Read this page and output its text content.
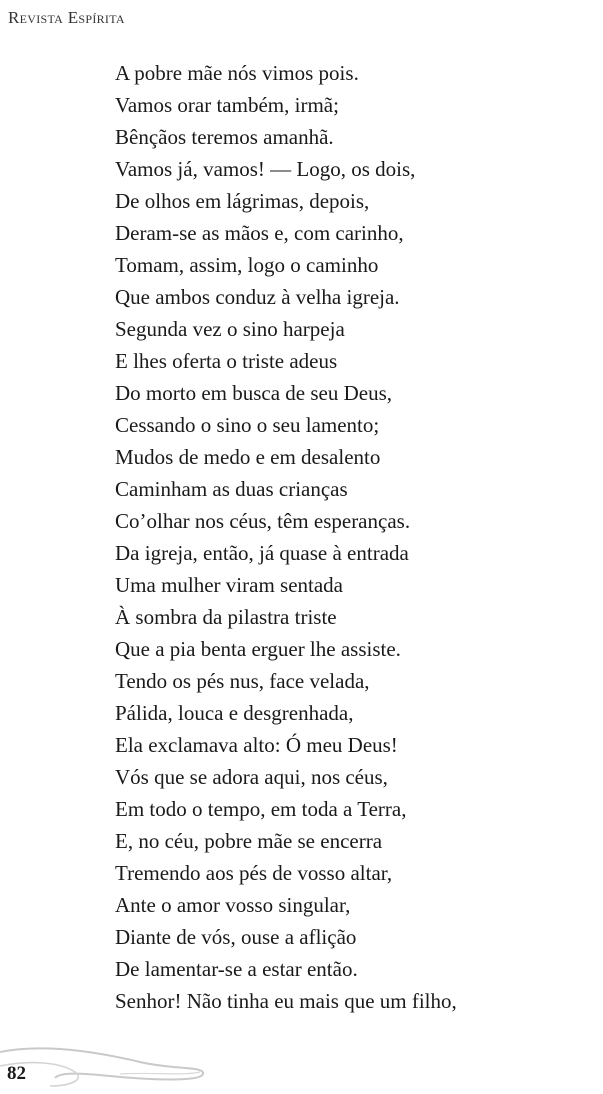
Revista Espírita
A pobre mãe nós vimos pois.
Vamos orar também, irmã;
Bênçãos teremos amanhã.
Vamos já, vamos! — Logo, os dois,
De olhos em lágrimas, depois,
Deram-se as mãos e, com carinho,
Tomam, assim, logo o caminho
Que ambos conduz à velha igreja.
Segunda vez o sino harpeja
E lhes oferta o triste adeus
Do morto em busca de seu Deus,
Cessando o sino o seu lamento;
Mudos de medo e em desalento
Caminham as duas crianças
Co’olhar nos céus, têm esperanças.
Da igreja, então, já quase à entrada
Uma mulher viram sentada
À sombra da pilastra triste
Que a pia benta erguer lhe assiste.
Tendo os pés nus, face velada,
Pálida, louca e desgrenhada,
Ela exclamava alto: Ó meu Deus!
Vós que se adora aqui, nos céus,
Em todo o tempo, em toda a Terra,
E, no céu, pobre mãe se encerra
Tremendo aos pés de vosso altar,
Ante o amor vosso singular,
Diante de vós, ouse a aflição
De lamentar-se a estar então.
Senhor! Não tinha eu mais que um filho,
82
